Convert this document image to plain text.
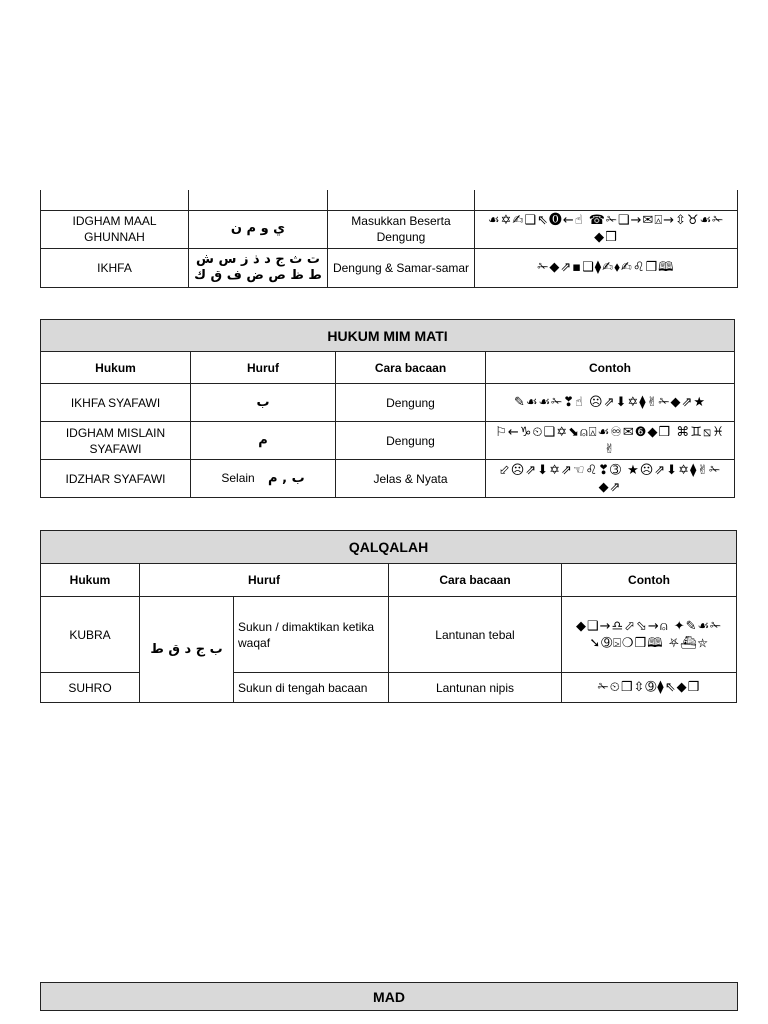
IDGHAM MAAL GHUNNAH	ي و م ن	Masukkan Beserta Dengung	☙✡✍❑⇖⓿←☝ ☎✁❑→✉⍓→⇳♉☙✁◆❒
IKHFA	ت ث ج د ذ ز س ش ط ظ ص ض ف ق ك	Dengung & Samar-samar	✁◆⇗▪❑⧫✍⬧✍♌❒🕮
HUKUM MIM MATI			
Hukum	Huruf	Cara bacaan	Contoh
IKHFA SYAFAWI	ب	Dengung	✎☙☙✁❣☝ ☹⇗⬇✡⧫✌✁◆⇗★
IDGHAM MISLAIN SYAFAWI	م	Dengung	⚐←♑⏲❑✡⬊⍝⍓☙♾✉❻◆❒ ⌘♊⧅♓✌
IDZHAR SYAFAWI	Selain ب , م	Jelas & Nyata	⬃☹⇗⬇✡⇗☜♌❣➂ ★☹⇗⬇✡⧫✌✁◆⇗
QALQALAH				
Hukum	Huruf		Cara bacaan	Contoh
KUBRA	ب ج د ق ط	Sukun / dimaktikan ketika waqaf	Lantunan tebal	◆❑→♎⬀⬂→⍝ ✦✎☙✁ ➘➈⍄❍❒🕮 ⛧⛴⛥
SUHRO		Sukun di tengah bacaan	Lantunan nipis	✁⏲❒⇳➈⧫⇖◆❒
MAD
